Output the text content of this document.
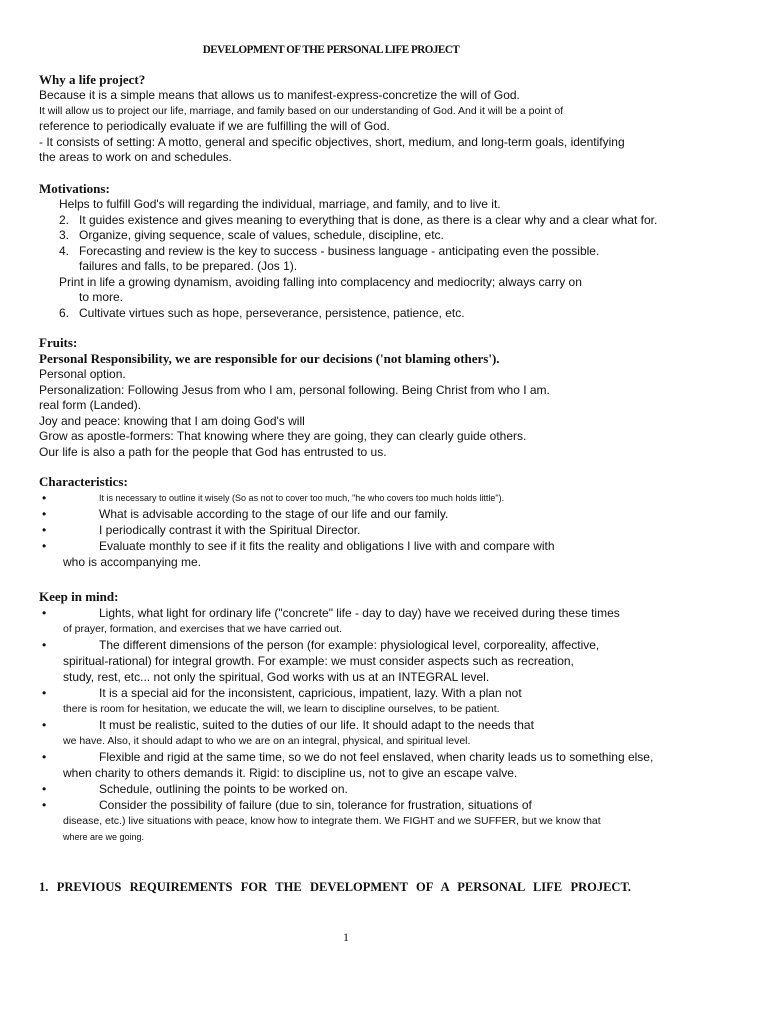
DEVELOPMENT OF THE PERSONAL LIFE PROJECT

Why a life project?

Because it is a simple means that allows us to manifest-express-concretize the will of God.

It will allow us to project our life, marriage, and family based on our understanding of God. And it will be a point of

reference to periodically evaluate if we are fulfilling the will of God.

- It consists of setting: A motto, general and specific objectives, short, medium, and long-term goals, identifying

the areas to work on and schedules.

Motivations:

Helps to fulfill God's will regarding the individual, marriage, and family, and to live it.
2. It guides existence and gives meaning to everything that is done, as there is a clear why and a clear what for.
3. Organize, giving sequence, scale of values, schedule, discipline, etc.
4. Forecasting and review is the key to success - business language - anticipating even the possible.
failures and falls, to be prepared. (Jos 1).
Print in life a growing dynamism, avoiding falling into complacency and mediocrity; always carry on
to more.
6. Cultivate virtues such as hope, perseverance, persistence, patience, etc.

Fruits:

Personal Responsibility, we are responsible for our decisions ('not blaming others').

Personal option.

Personalization: Following Jesus from who I am, personal following. Being Christ from who I am.

real form (Landed).

Joy and peace: knowing that I am doing God's will

Grow as apostle-formers: That knowing where they are going, they can clearly guide others.

Our life is also a path for the people that God has entrusted to us.

Characteristics:

•	It is necessary to outline it wisely (So as not to cover too much, "he who covers too much holds little").
•	What is advisable according to the stage of our life and our family.
•	I periodically contrast it with the Spiritual Director.
•	Evaluate monthly to see if it fits the reality and obligations I live with and compare with
who is accompanying me.

Keep in mind:

•	Lights, what light for ordinary life ("concrete" life - day to day) have we received during these times
of prayer, formation, and exercises that we have carried out.
•	The different dimensions of the person (for example: physiological level, corporeality, affective,
spiritual-rational) for integral growth. For example: we must consider aspects such as recreation,
study, rest, etc... not only the spiritual, God works with us at an INTEGRAL level.
•	It is a special aid for the inconsistent, capricious, impatient, lazy. With a plan not
there is room for hesitation, we educate the will, we learn to discipline ourselves, to be patient.
•	It must be realistic, suited to the duties of our life. It should adapt to the needs that
we have. Also, it should adapt to who we are on an integral, physical, and spiritual level.
•	Flexible and rigid at the same time, so we do not feel enslaved, when charity leads us to something else,
when charity to others demands it. Rigid: to discipline us, not to give an escape valve.
•	Schedule, outlining the points to be worked on.
•	Consider the possibility of failure (due to sin, tolerance for frustration, situations of
disease, etc.) live situations with peace, know how to integrate them. We FIGHT and we SUFFER, but we know that
where are we going.
1. PREVIOUS REQUIREMENTS FOR THE DEVELOPMENT OF A PERSONAL LIFE PROJECT.
1
